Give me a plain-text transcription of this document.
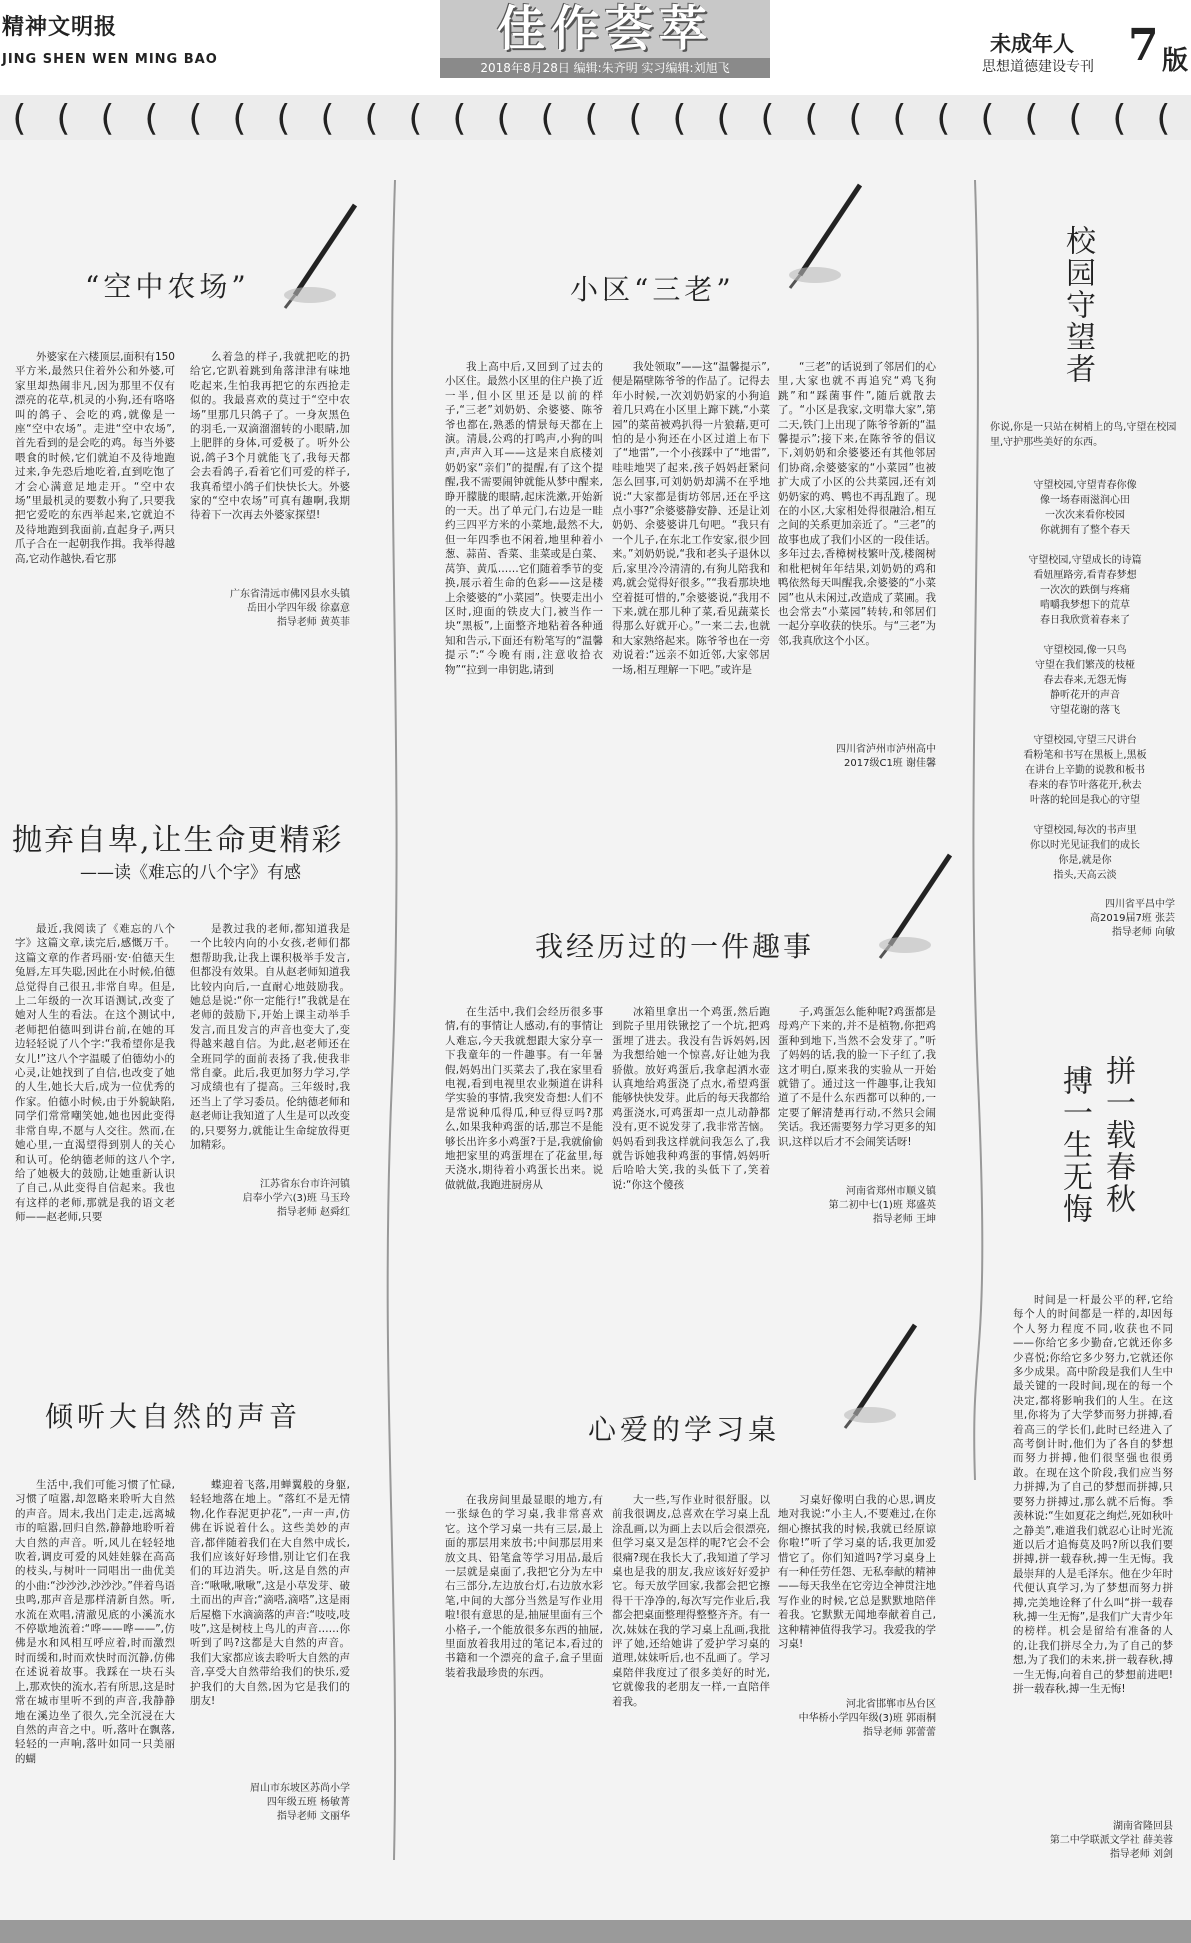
精神文明报
JING SHEN WEN MING BAO
佳作荟萃
2018年8月28日 编辑:朱齐明 实习编辑:刘旭飞
未成年人
思想道德建设专刊 7 版
( ( ( ( ( ( ( ( ( ( ( ( ( ( ( ( ( ( ( ( ( ( ( ( ( ( (
“空中农场”
外婆家在六楼顶层,面积有150平方米,最然只住着外公和外婆,可家里却热闹非凡,因为那里不仅有漂亮的花草,机灵的小狗,还有咯咯叫的鸽子、会吃的鸡,就像是一座“空中农场”。走进“空中农场”,首先看到的是会吃的鸡。每当外婆喂食的时候,它们就迫不及待地跑过来,争先恐后地吃着,直到吃饱了才会心满意足地走开。“空中农场”里最机灵的要数小狗了,只要我把它爱吃的东西举起来,它就迫不及待地跑到我面前,直起身子,两只爪子合在一起朝我作揖。我举得越高,它动作越快,看它那
么着急的样子,我就把吃的扔给它,它趴着跳到角落津津有味地吃起来,生怕我再把它的东西抢走似的。我最喜欢的莫过于“空中农场”里那几只鸽子了。一身灰黑色的羽毛,一双滴溜溜转的小眼睛,加上肥胖的身体,可爱极了。听外公说,鸽子3个月就能飞了,我每天都会去看鸽子,看着它们可爱的样子,我真希望小鸽子们快快长大。外婆家的“空中农场”可真有趣啊,我期待着下一次再去外婆家探望!
广东省清远市佛冈县水头镇
岳田小学四年级 徐嘉意
指导老师 黄英菲
小区“三老”
我上高中后,又回到了过去的小区住。最然小区里的住户换了近一半,但小区里还是以前的样子,“三老”刘奶奶、余婆婆、陈爷爷也都在,熟悉的情景每天都在上演。清晨,公鸡的打鸣声,小狗的叫声,声声入耳——这是来自底楼刘奶奶家“亲们”的提醒,有了这个提醒,我不需要闹钟就能从梦中醒来,睁开朦胧的眼睛,起床洗漱,开始新的一天。出了单元门,右边是一畦约三四平方米的小菜地,最然不大,但一年四季也不闲着,地里种着小葱、蒜苗、香菜、韭菜或是白菜、莴笋、黄瓜……它们随着季节的变换,展示着生命的色彩——这是楼上余婆婆的“小菜园”。快要走出小区时,迎面的铁皮大门,被当作一块“黑板”,上面整齐地粘着各种通知和告示,下面还有粉笔写的“温馨提示”:“今晚有雨,注意收拾衣物”“拉到一串钥匙,请到
我处领取”——这“温馨提示”,便是隔壁陈爷爷的作品了。记得去年小时候,一次刘奶奶家的小狗追着几只鸡在小区里上蹿下跳,“小菜园”的菜苗被鸡扒得一片狼藉,更可怕的是小狗还在小区过道上布下了“地雷”,一个小孩踩中了“地雷”,哇哇地哭了起来,孩子妈妈赶紧问怎么回事,可刘奶奶却满不在乎地说:“大家都是街坊邻居,还在乎这点小事?”余婆婆静安静、还是让刘奶奶、余婆婆讲几句吧。“我只有一个儿子,在东北工作安家,很少回来。”刘奶奶说,“我和老头子退休以后,家里冷冷清清的,有狗儿陪我和鸡,就会觉得好很多。”“我看那块地空着挺可惜的,”余婆婆说,“我用不下来,就在那儿种了菜,看见蔬菜长得那么好就开心。”一来二去,也就和大家熟络起来。陈爷爷也在一旁劝说着:“远亲不如近邻,大家邻居一场,相互理解一下吧。”或许是
“三老”的话说到了邻居们的心里,大家也就不再追究“鸡飞狗跳”和“踩菌事件”,随后就散去了。“小区是我家,文明靠大家”,第二天,铁门上出现了陈爷爷新的“温馨提示”;接下来,在陈爷爷的倡议下,刘奶奶和余婆婆还有其他邻居们协商,余婆婆家的“小菜园”也被扩大成了小区的公共菜园,还有刘奶奶家的鸡、鸭也不再乱跑了。现在的小区,大家相处得很融洽,相互之间的关系更加亲近了。“三老”的故事也成了我们小区的一段佳话。多年过去,香樟树枝繁叶茂,楼阁树和枇杷树年年结果,刘奶奶的鸡和鸭依然每天叫醒我,余婆婆的“小菜园”也从未闲过,改造成了菜圃。我也会常去“小菜园”转转,和邻居们一起分享收获的快乐。与“三老”为邻,我真欣这个小区。
四川省泸州市泸州高中
2017级C1班 谢佳馨
校园守望者
你说,你是一只站在树梢上的鸟,守望在校园里,守护那些美好的东西。
守望校园,守望青春你像
像一场春雨滋润心田
一次次来看你校园
你就拥有了整个春天

守望校园,守望成长的诗篇
看妞厘路旁,看青春梦想
一次次的跌倒与疼痛
啃嚼我梦想下的荒草
春日我欣赏着春来了

守望校园,像一只鸟
守望在我们繁茂的枝桠
春去春来,无怨无悔
静听花开的声音
守望花谢的落飞

守望校园,守望三尺讲台
看粉笔和书写在黑板上,黑板
在讲台上辛勤的说教和板书
春来的春节叶落花开,秋去
叶落的轮回是我心的守望

守望校园,每次的书声里
你以时光见证我们的成长
你是,就是你
指头,天高云淡
四川省平昌中学
高2019届7班 张芸
指导老师 向敏
抛弃自卑,让生命更精彩
——读《难忘的八个字》有感
最近,我阅读了《难忘的八个字》这篇文章,读完后,感慨万千。这篇文章的作者玛丽·安·伯德天生兔唇,左耳失聪,因此在小时候,伯德总觉得自己很丑,非常自卑。但是,上二年级的一次耳语测试,改变了她对人生的看法。在这个测试中,老师把伯德叫到讲台前,在她的耳边轻轻说了八个字:“我希望你是我女儿!”这八个字温暖了伯德幼小的心灵,让她找到了自信,也改变了她的人生,她长大后,成为一位优秀的作家。伯德小时候,由于外貌缺陷,同学们常常嘲笑她,她也因此变得非常自卑,不愿与人交往。然而,在她心里,一直渴望得到别人的关心和认可。伦纳德老师的这八个字,给了她极大的鼓励,让她重新认识了自己,从此变得自信起来。我也有这样的老师,那就是我的语文老师——赵老师,只要
是教过我的老师,都知道我是一个比较内向的小女孩,老师们都想帮助我,让我上课积极举手发言,但都没有效果。自从赵老师知道我比较内向后,一直耐心地鼓励我。她总是说:“你一定能行!”我就是在老师的鼓励下,开始上课主动举手发言,而且发言的声音也变大了,变得越来越自信。为此,赵老师还在全班同学的面前表扬了我,使我非常自豪。此后,我更加努力学习,学习成绩也有了提高。三年级时,我还当上了学习委员。伦纳德老师和赵老师让我知道了人生是可以改变的,只要努力,就能让生命绽放得更加精彩。
江苏省东台市许河镇
启奉小学六(3)班 马玉玲
指导老师 赵舜红
我经历过的一件趣事
在生活中,我们会经历很多事情,有的事情让人感动,有的事情让人难忘,今天我就想跟大家分享一下我童年的一件趣事。有一年暑假,妈妈出门买菜去了,我在家里看电视,看到电视里农业频道在讲科学实验的事情,我突发奇想:人们不是常说种瓜得瓜,种豆得豆吗?那么,如果我种鸡蛋的话,那岂不是能够长出许多小鸡蛋?于是,我就偷偷地把家里的鸡蛋埋在了花盆里,每天浇水,期待着小鸡蛋长出来。说做就做,我跑进厨房从
冰箱里拿出一个鸡蛋,然后跑到院子里用铁锹挖了一个坑,把鸡蛋埋了进去。我没有告诉妈妈,因为我想给她一个惊喜,好让她为我骄傲。放好鸡蛋后,我拿起洒水壶认真地给鸡蛋浇了点水,希望鸡蛋能够快快发芽。此后的每天我都给鸡蛋浇水,可鸡蛋却一点儿动静都没有,更不说发芽了,我非常苦恼。妈妈看到我这样就问我怎么了,我就告诉她我种鸡蛋的事情,妈妈听后哈哈大笑,我的头低下了,笑着说:“你这个傻孩
子,鸡蛋怎么能种呢?鸡蛋都是母鸡产下来的,并不是植物,你把鸡蛋种到地下,当然不会发芽了。”听了妈妈的话,我的脸一下子红了,我这才明白,原来我的实验从一开始就错了。通过这一件趣事,让我知道了不是什么东西都可以种的,一定要了解清楚再行动,不然只会闹笑话。我还需要努力学习更多的知识,这样以后才不会闹笑话呀!
河南省郑州市顺义镇
第二初中七(1)班 郑盛英
指导老师 王坤
拼一载春秋
搏一生无悔
时间是一杆最公平的秤,它给每个人的时间都是一样的,却因每个人努力程度不同,收获也不同——你给它多少勤奋,它就还你多少喜悦;你给它多少努力,它就还你多少成果。高中阶段是我们人生中最关键的一段时间,现在的每一个决定,都将影响我们的人生。在这里,你将为了大学梦而努力拼搏,看着高三的学长们,此时已经进入了高考倒计时,他们为了各自的梦想而努力拼搏,他们很坚强也很勇敢。在现在这个阶段,我们应当努力拼搏,为了自己的梦想而拼搏,只要努力拼搏过,那么就不后悔。季羡林说:“生如夏花之绚烂,死如秋叶之静美”,难道我们就忍心让时光流逝以后才追悔莫及吗?所以我们要拼搏,拼一载春秋,搏一生无悔。我最崇拜的人是毛泽东。他在少年时代便认真学习,为了梦想而努力拼搏,完美地诠释了什么叫“拼一载春秋,搏一生无悔”,是我们广大青少年的榜样。机会是留给有准备的人的,让我们拼尽全力,为了自己的梦想,为了我们的未来,拼一载春秋,搏一生无悔,向着自己的梦想前进吧!拼一载春秋,搏一生无悔!
湖南省隆回县
第二中学联派文学社 薛美蓉
指导老师 刘剑
倾听大自然的声音
生活中,我们可能习惯了忙碌,习惯了喧嚣,却忽略来聆听大自然的声音。周末,我出门走走,远离城市的喧嚣,回归自然,静静地聆听着大自然的声音。听,风儿在轻轻地吹着,调皮可爱的风娃娃躲在高高的枝头,与树叶一同唱出一曲优美的小曲:“沙沙沙,沙沙沙。”伴着鸟语虫鸣,那声音是那样清新自然。听,水流在欢唱,清澈见底的小溪流水不停歇地流着:“哗——哗——”,仿佛是水和风相互呼应着,时而激烈时而缓和,时而欢快时而沉静,仿佛在述说着故事。我踩在一块石头上,那欢快的流水,若有所思,这是时常在城市里听不到的声音,我静静地在溪边坐了很久,完全沉浸在大自然的声音之中。听,落叶在飘落,轻轻的一声响,落叶如同一只美丽的蝴
蝶迎着飞落,用蝉翼般的身躯,轻轻地落在地上。“落红不是无情物,化作春泥更护花”,一声一声,仿佛在诉说着什么。这些美妙的声音,都伴随着我们在大自然中成长,我们应该好好珍惜,别让它们在我们的耳边消失。听,这是自然的声音:“啾啾,啾啾”,这是小草发芽、破土而出的声音;“滴嗒,滴嗒”,这是雨后屋檐下水滴滴落的声音:“吱吱,吱吱”,这是树枝上鸟儿的声音……你听到了吗?这都是大自然的声音。我们大家都应该去聆听大自然的声音,享受大自然带给我们的快乐,爱护我们的大自然,因为它是我们的朋友!
眉山市东坡区苏尚小学
四年级五班 杨敏菁
指导老师 文丽华
心爱的学习桌
在我房间里最显眼的地方,有一张绿色的学习桌,我非常喜欢它。这个学习桌一共有三层,最上面的那层用来放书;中间那层用来放文具、铅笔盒等学习用品,最后一层就是桌面了,我把它分为左中右三部分,左边放台灯,右边放水彩笔,中间的大部分当然是写作业用啦!很有意思的是,抽屉里面有三个小格子,一个能放很多东西的抽屉,里面放着我用过的笔记本,看过的书籍和一个漂亮的盒子,盒子里面装着我最珍贵的东西。
大一些,写作业时很舒服。以前我很调皮,总喜欢在学习桌上乱涂乱画,以为画上去以后会很漂亮,但学习桌又是怎样的呢?它会不会很痛?现在我长大了,我知道了学习桌也是我的朋友,我应该好好爱护它。每天放学回家,我都会把它擦得干干净净的,每次写完作业后,我都会把桌面整理得整整齐齐。有一次,妹妹在我的学习桌上乱画,我批评了她,还给她讲了爱护学习桌的道理,妹妹听后,也不乱画了。学习桌陪伴我度过了很多美好的时光,它就像我的老朋友一样,一直陪伴着我。
习桌好像明白我的心思,调皮地对我说:“小主人,不要难过,在你细心擦拭我的时候,我就已经原谅你啦!”听了学习桌的话,我更加爱惜它了。你们知道吗?学习桌身上有一种任劳任怨、无私奉献的精神——每天我坐在它旁边全神贯注地写作业的时候,它总是默默地陪伴着我。它默默无闻地奉献着自己,这种精神值得我学习。我爱我的学习桌!
河北省邯郸市丛台区
中华桥小学四年级(3)班 郭雨桐
指导老师 郭蕾蕾
